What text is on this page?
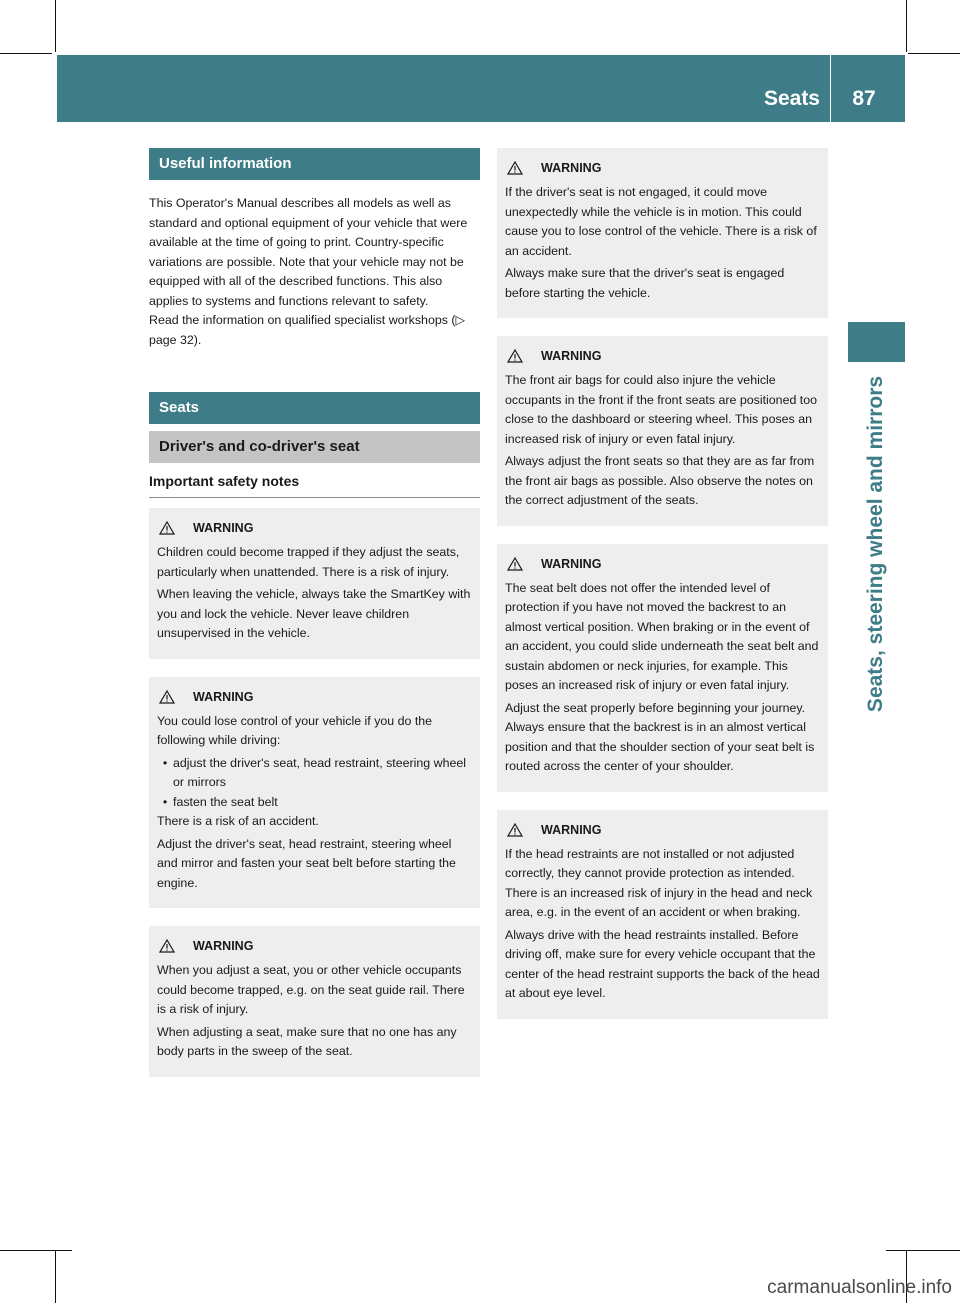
Seats	87
Seats, steering wheel and mirrors
Useful information

This Operator's Manual describes all models as well as standard and optional equipment of your vehicle that were available at the time of going to print. Country-specific variations are possible. Note that your vehicle may not be equipped with all of the described functions. This also applies to systems and functions relevant to safety.

Read the information on qualified specialist workshops (▷ page 32).

Seats
Driver's and co-driver's seat
Important safety notes
WARNING

Children could become trapped if they adjust the seats, particularly when unattended. There is a risk of injury.

When leaving the vehicle, always take the SmartKey with you and lock the vehicle. Never leave children unsupervised in the vehicle.

WARNING

You could lose control of your vehicle if you do the following while driving:

• adjust the driver's seat, head restraint, steering wheel or mirrors
• fasten the seat belt

There is a risk of an accident.

Adjust the driver's seat, head restraint, steering wheel and mirror and fasten your seat belt before starting the engine.

WARNING

When you adjust a seat, you or other vehicle occupants could become trapped, e.g. on the seat guide rail. There is a risk of injury.

When adjusting a seat, make sure that no one has any body parts in the sweep of the seat.

WARNING

If the driver's seat is not engaged, it could move unexpectedly while the vehicle is in motion. This could cause you to lose control of the vehicle. There is a risk of an accident.

Always make sure that the driver's seat is engaged before starting the vehicle.

WARNING

The front air bags for could also injure the vehicle occupants in the front if the front seats are positioned too close to the dashboard or steering wheel. This poses an increased risk of injury or even fatal injury.

Always adjust the front seats so that they are as far from the front air bags as possible. Also observe the notes on the correct adjustment of the seats.

WARNING

The seat belt does not offer the intended level of protection if you have not moved the backrest to an almost vertical position. When braking or in the event of an accident, you could slide underneath the seat belt and sustain abdomen or neck injuries, for example. This poses an increased risk of injury or even fatal injury.

Adjust the seat properly before beginning your journey. Always ensure that the backrest is in an almost vertical position and that the shoulder section of your seat belt is routed across the center of your shoulder.

WARNING

If the head restraints are not installed or not adjusted correctly, they cannot provide protection as intended. There is an increased risk of injury in the head and neck area, e.g. in the event of an accident or when braking.

Always drive with the head restraints installed. Before driving off, make sure for every vehicle occupant that the center of the head restraint supports the back of the head at about eye level.

carmanualsonline.info
